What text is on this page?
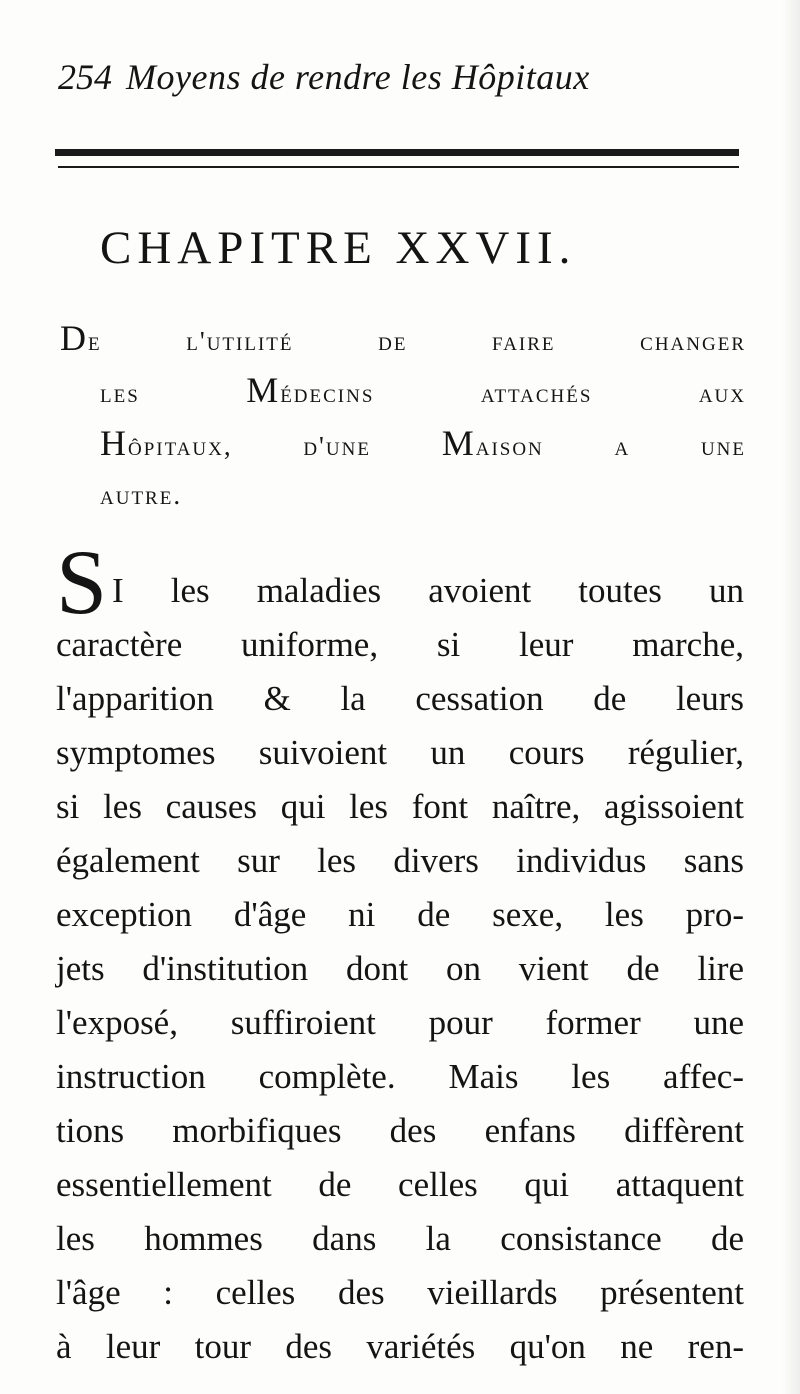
254 Moyens de rendre les Hôpitaux
CHAPITRE XXVII.
De l'utilité de faire changer
les Médecins attachés aux
Hôpitaux, d'une Maison a une
autre.
S I les maladies avoient toutes un
caractère uniforme, si leur marche,
l'apparition & la cessation de leurs
symptomes suivoient un cours régulier,
si les causes qui les font naître, agissoient
également sur les divers individus sans
exception d'âge ni de sexe, les pro-
jets d'institution dont on vient de lire
l'exposé, suffiroient pour former une
instruction complète. Mais les affec-
tions morbifiques des enfans diffèrent
essentiellement de celles qui attaquent
les hommes dans la consistance de
l'âge : celles des vieillards présentent
à leur tour des variétés qu'on ne ren-
